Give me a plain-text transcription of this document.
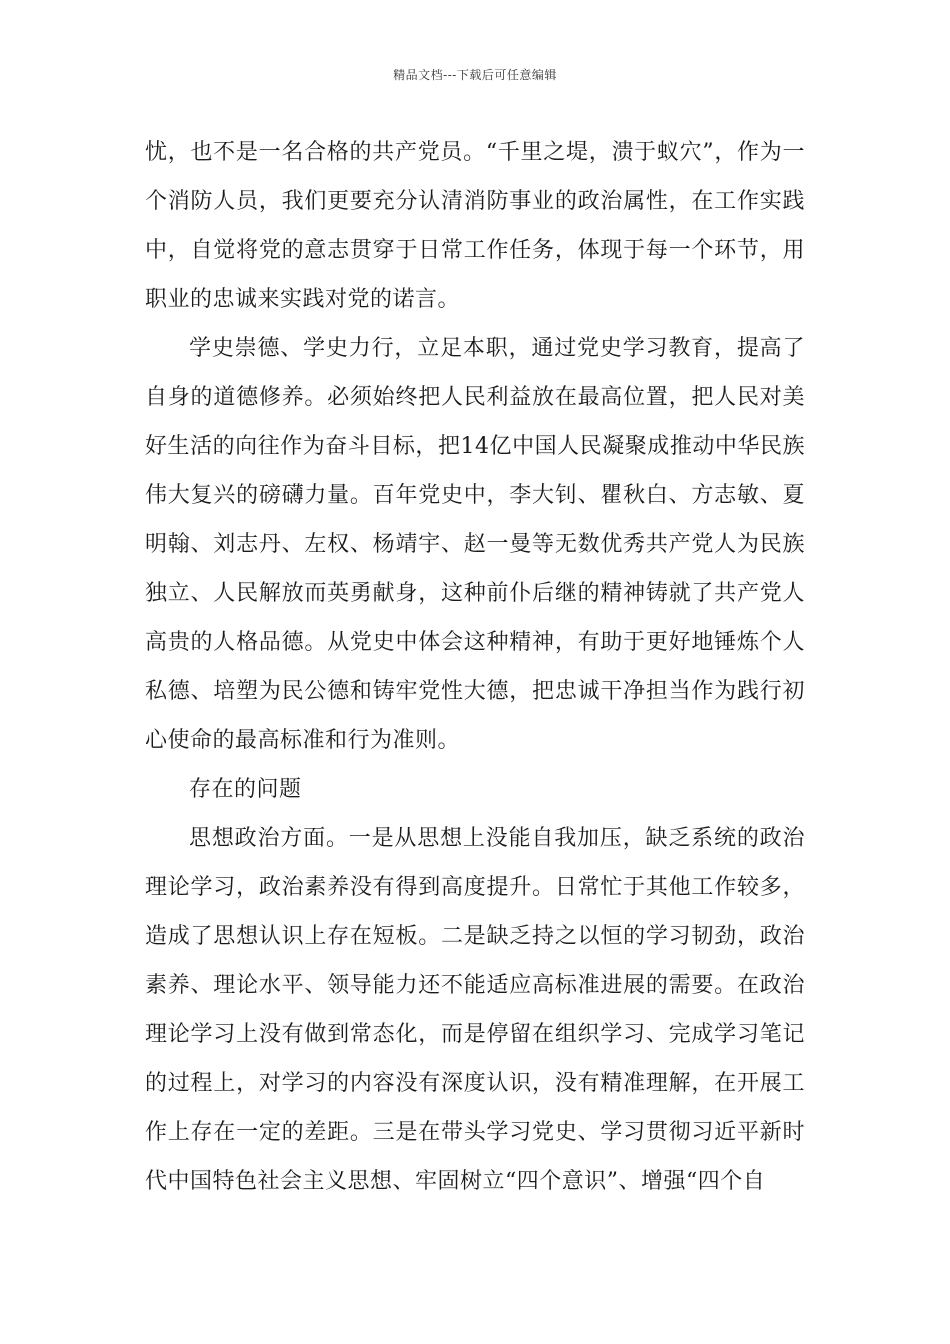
精品文档---下载后可任意编辑

忧，也不是一名合格的共产党员。“千里之堤，溃于蚁穴”，作为一个消防人员，我们更要充分认清消防事业的政治属性，在工作实践中，自觉将党的意志贯穿于日常工作任务，体现于每一个环节，用职业的忠诚来实践对党的诺言。

学史崇德、学史力行，立足本职，通过党史学习教育，提高了自身的道德修养。必须始终把人民利益放在最高位置，把人民对美好生活的向往作为奋斗目标，把14亿中国人民凝聚成推动中华民族伟大复兴的磅礴力量。百年党史中，李大钊、瞿秋白、方志敏、夏明翰、刘志丹、左权、杨靖宇、赵一曼等无数优秀共产党人为民族独立、人民解放而英勇献身，这种前仆后继的精神铸就了共产党人高贵的人格品德。从党史中体会这种精神，有助于更好地锤炼个人私德、培塑为民公德和铸牢党性大德，把忠诚干净担当作为践行初心使命的最高标准和行为准则。

存在的问题

思想政治方面。一是从思想上没能自我加压，缺乏系统的政治理论学习，政治素养没有得到高度提升。日常忙于其他工作较多，造成了思想认识上存在短板。二是缺乏持之以恒的学习韧劲，政治素养、理论水平、领导能力还不能适应高标准进展的需要。在政治理论学习上没有做到常态化，而是停留在组织学习、完成学习笔记的过程上，对学习的内容没有深度认识，没有精准理解，在开展工作上存在一定的差距。三是在带头学习党史、学习贯彻习近平新时代中国特色社会主义思想、牢固树立“四个意识”、增强“四个自
